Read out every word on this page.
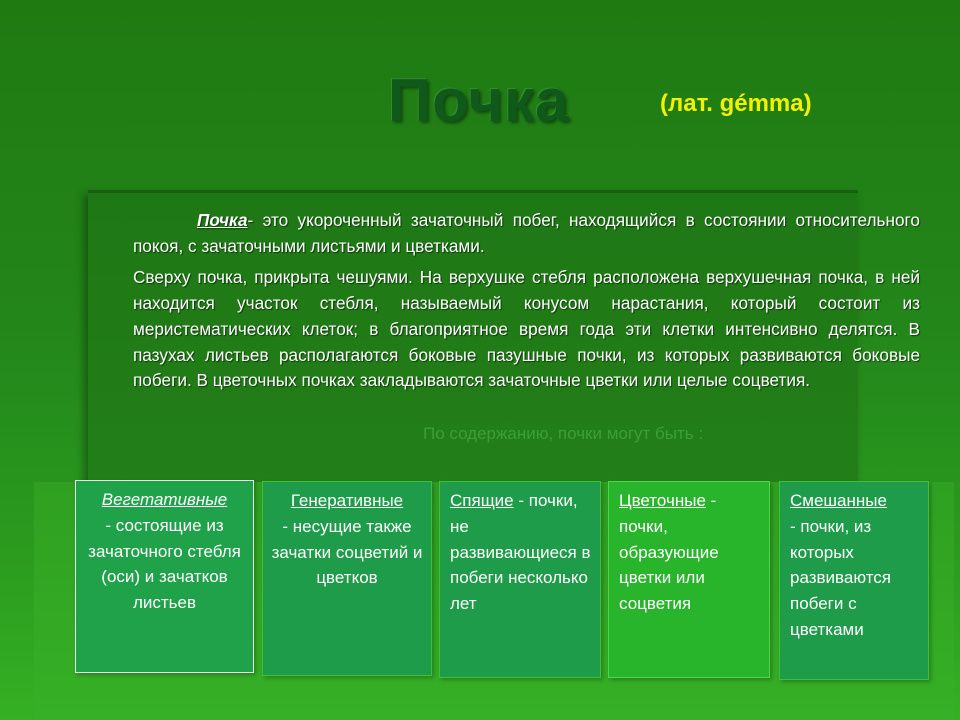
Почка	(лат. gémma)

Почка- это укороченный зачаточный побег, находящийся в состоянии относительного покоя, с зачаточными листьями и цветками.

Сверху почка, прикрыта чешуями. На верхушке стебля расположена верхушечная почка, в ней находится участок стебля, называемый конусом нарастания, который состоит из меристематических клеток; в благоприятное время года эти клетки интенсивно делятся. В пазухах листьев располагаются боковые пазушные почки, из которых развиваются боковые побеги. В цветочных почках закладываются зачаточные цветки или целые соцветия.

По содержанию, почки могут быть :
Вегетативные
- состоящие из зачаточного стебля (оси) и зачатков листьев
Генеративные
- несущие также зачатки соцветий и цветков
Спящие - почки, не развивающиеся в побеги несколько лет
Цветочные - почки, образующие цветки или соцветия
Смешанные
- почки, из которых развиваются побеги с цветками
